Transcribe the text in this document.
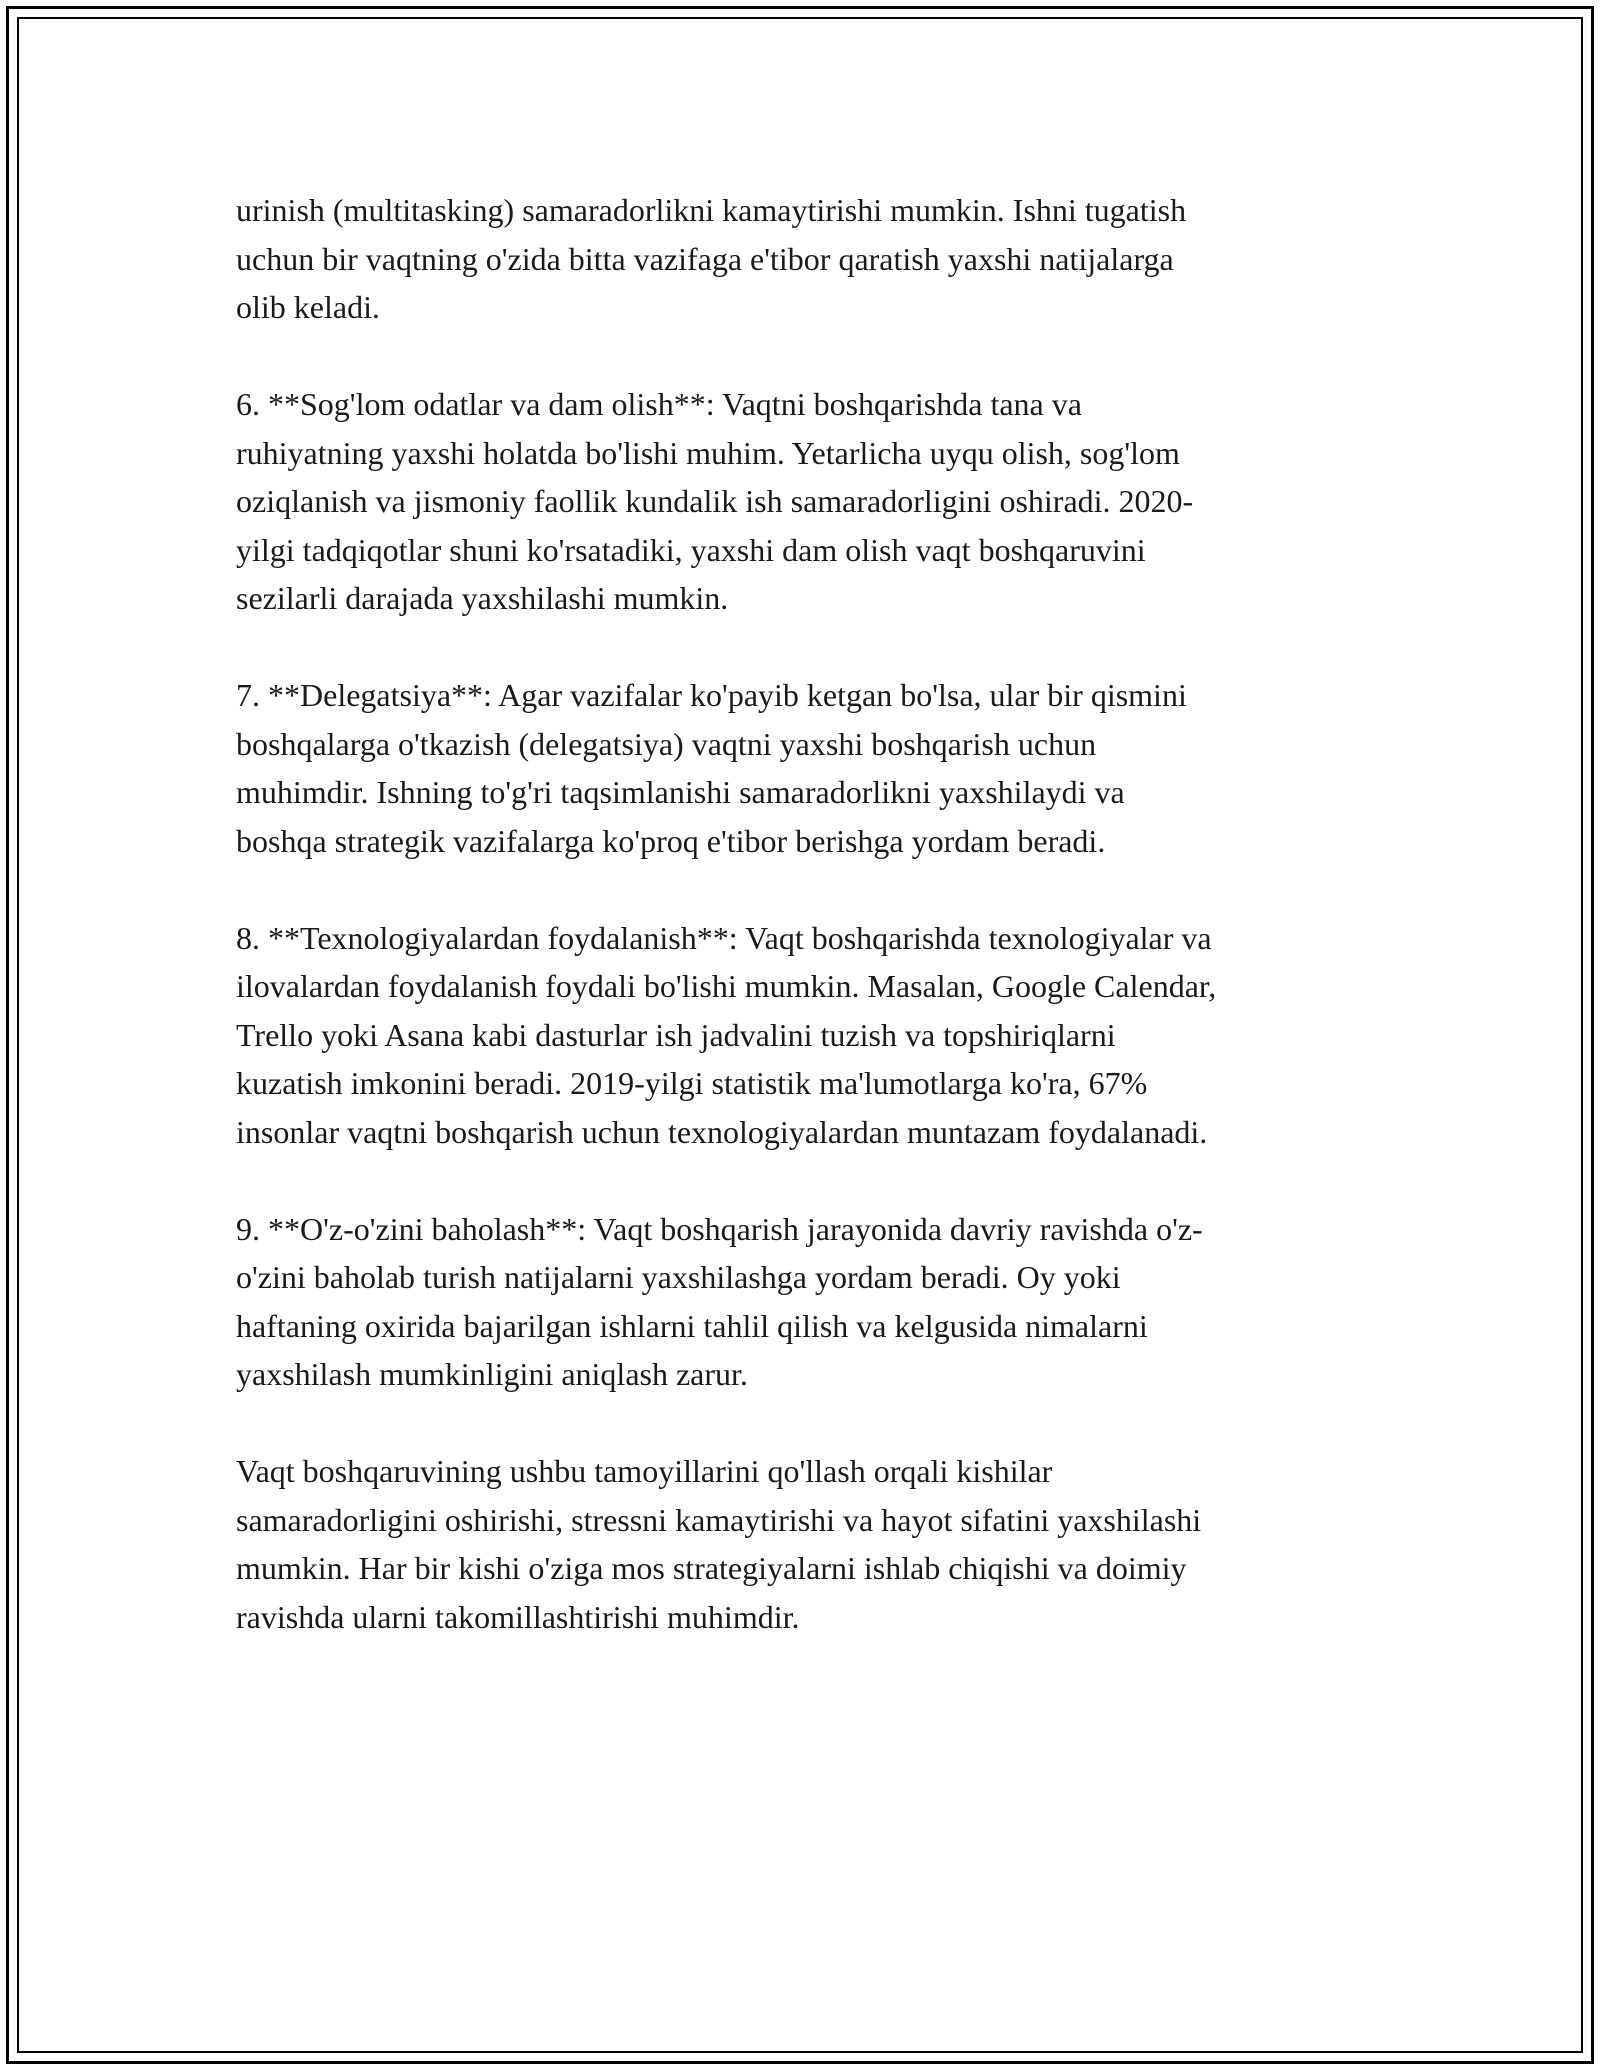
urinish (multitasking) samaradorlikni kamaytirishi mumkin. Ishni tugatish
uchun bir vaqtning o'zida bitta vazifaga e'tibor qaratish yaxshi natijalarga
olib keladi.

6. **Sog'lom odatlar va dam olish**: Vaqtni boshqarishda tana va
ruhiyatning yaxshi holatda bo'lishi muhim. Yetarlicha uyqu olish, sog'lom
oziqlanish va jismoniy faollik kundalik ish samaradorligini oshiradi. 2020-
yilgi tadqiqotlar shuni ko'rsatadiki, yaxshi dam olish vaqt boshqaruvini
sezilarli darajada yaxshilashi mumkin.

7. **Delegatsiya**: Agar vazifalar ko'payib ketgan bo'lsa, ular bir qismini
boshqalarga o'tkazish (delegatsiya) vaqtni yaxshi boshqarish uchun
muhimdir. Ishning to'g'ri taqsimlanishi samaradorlikni yaxshilaydi va
boshqa strategik vazifalarga ko'proq e'tibor berishga yordam beradi.

8. **Texnologiyalardan foydalanish**: Vaqt boshqarishda texnologiyalar va
ilovalardan foydalanish foydali bo'lishi mumkin. Masalan, Google Calendar,
Trello yoki Asana kabi dasturlar ish jadvalini tuzish va topshiriqlarni
kuzatish imkonini beradi. 2019-yilgi statistik ma'lumotlarga ko'ra, 67%
insonlar vaqtni boshqarish uchun texnologiyalardan muntazam foydalanadi.

9. **O'z-o'zini baholash**: Vaqt boshqarish jarayonida davriy ravishda o'z-
o'zini baholab turish natijalarni yaxshilashga yordam beradi. Oy yoki
haftaning oxirida bajarilgan ishlarni tahlil qilish va kelgusida nimalarni
yaxshilash mumkinligini aniqlash zarur.

Vaqt boshqaruvining ushbu tamoyillarini qo'llash orqali kishilar
samaradorligini oshirishi, stressni kamaytirishi va hayot sifatini yaxshilashi
mumkin. Har bir kishi o'ziga mos strategiyalarni ishlab chiqishi va doimiy
ravishda ularni takomillashtirishi muhimdir.
